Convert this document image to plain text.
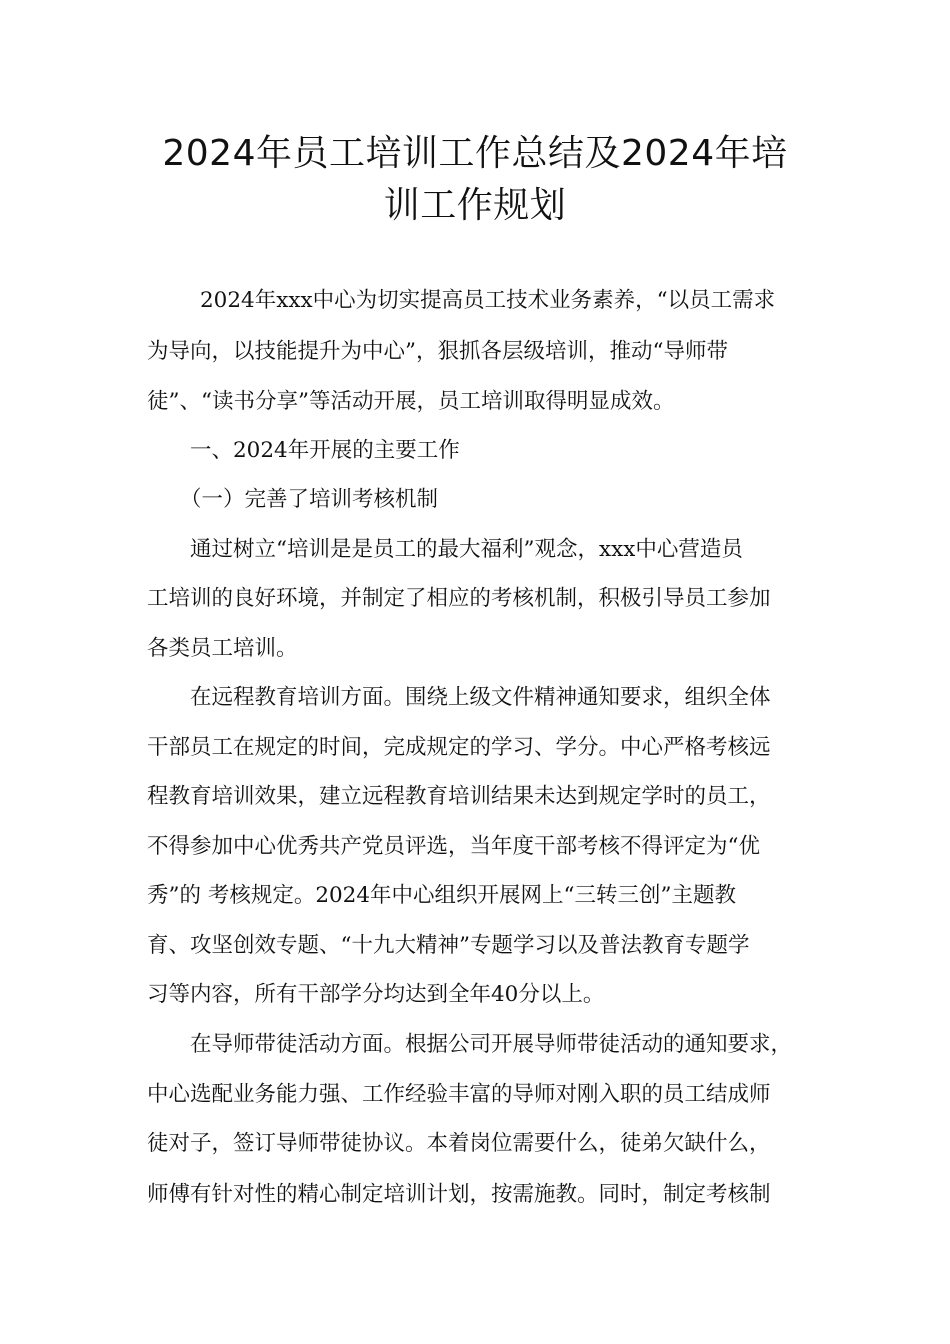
2024年员工培训工作总结及2024年培
训工作规划
2024年xxx中心为切实提高员工技术业务素养，“以员工需求
为导向，以技能提升为中心”，狠抓各层级培训，推动“导师带
徒”、“读书分享”等活动开展，员工培训取得明显成效。
一、2024年开展的主要工作
（一）完善了培训考核机制
通过树立“培训是是员工的最大福利”观念，xxx中心营造员
工培训的良好环境，并制定了相应的考核机制，积极引导员工参加
各类员工培训。
在远程教育培训方面。围绕上级文件精神通知要求，组织全体
干部员工在规定的时间，完成规定的学习、学分。中心严格考核远
程教育培训效果，建立远程教育培训结果未达到规定学时的员工，
不得参加中心优秀共产党员评选，当年度干部考核不得评定为“优
秀”的 考核规定。2024年中心组织开展网上“三转三创”主题教
育、攻坚创效专题、“十九大精神”专题学习以及普法教育专题学
习等内容，所有干部学分均达到全年40分以上。
在导师带徒活动方面。根据公司开展导师带徒活动的通知要求，
中心选配业务能力强、工作经验丰富的导师对刚入职的员工结成师
徒对子，签订导师带徒协议。本着岗位需要什么，徒弟欠缺什么，
师傅有针对性的精心制定培训计划，按需施教。同时，制定考核制
